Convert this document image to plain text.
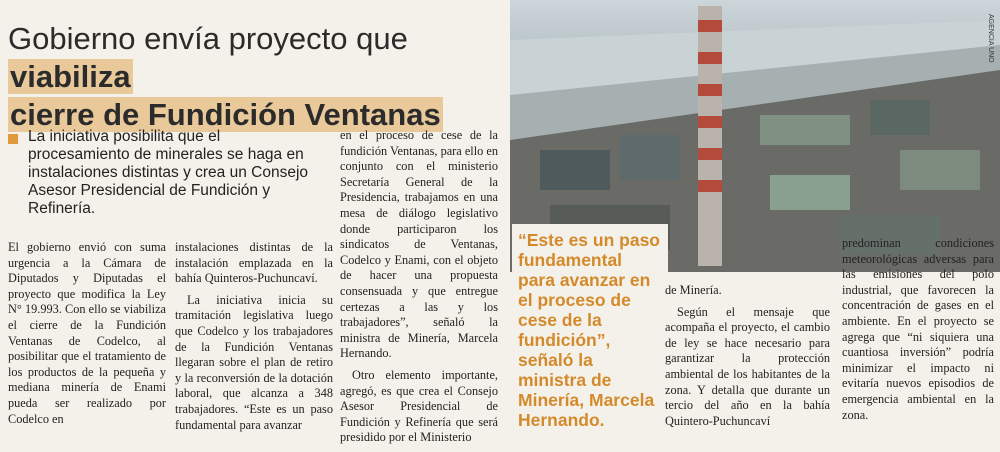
Gobierno envía proyecto que viabiliza
cierre de Fundición Ventanas
AGENCIA UNO
La iniciativa posibilita que el procesamiento de minerales se haga en instalaciones distintas y crea un Consejo Asesor Presidencial de Fundición y Refinería.

El gobierno envió con suma urgencia a la Cámara de Diputados y Diputadas el proyecto que modifica la Ley N° 19.993. Con ello se viabiliza el cierre de la Fundición Ventanas de Codelco, al posibilitar que el tratamiento de los productos de la pequeña y mediana minería de Enami pueda ser realizado por Codelco en

instalaciones distintas de la instalación emplazada en la bahía Quinteros-Puchuncaví.

La iniciativa inicia su tramitación legislativa luego que Codelco y los trabajadores de la Fundición Ventanas llegaran sobre el plan de retiro y la reconversión de la dotación laboral, que alcanza a 348 trabajadores. “Este es un paso fundamental para avanzar

en el proceso de cese de la fundición Ventanas, para ello en conjunto con el ministerio Secretaría General de la Presidencia, trabajamos en una mesa de diálogo legislativo donde participaron los sindicatos de Ventanas, Codelco y Enami, con el objeto de hacer una propuesta consensuada y que entregue certezas a las y los trabajadores”, señaló la ministra de Minería, Marcela Hernando.

Otro elemento importante, agregó, es que crea el Consejo Asesor Presidencial de Fundición y Refinería que será presidido por el Ministerio

“Este es un paso fundamental para avanzar en el proceso de cese de la fundición”, señaló la ministra de Minería, Marcela Hernando.

de Minería.

Según el mensaje que acompaña el proyecto, el cambio de ley se hace necesario para garantizar la protección ambiental de los habitantes de la zona. Y detalla que durante un tercio del año en la bahía Quintero-Puchuncaví

predominan condiciones meteorológicas adversas para las emisiones del polo industrial, que favorecen la concentración de gases en el ambiente. En el proyecto se agrega que “ni siquiera una cuantiosa inversión” podría minimizar el impacto ni evitaría nuevos episodios de emergencia ambiental en la zona.
